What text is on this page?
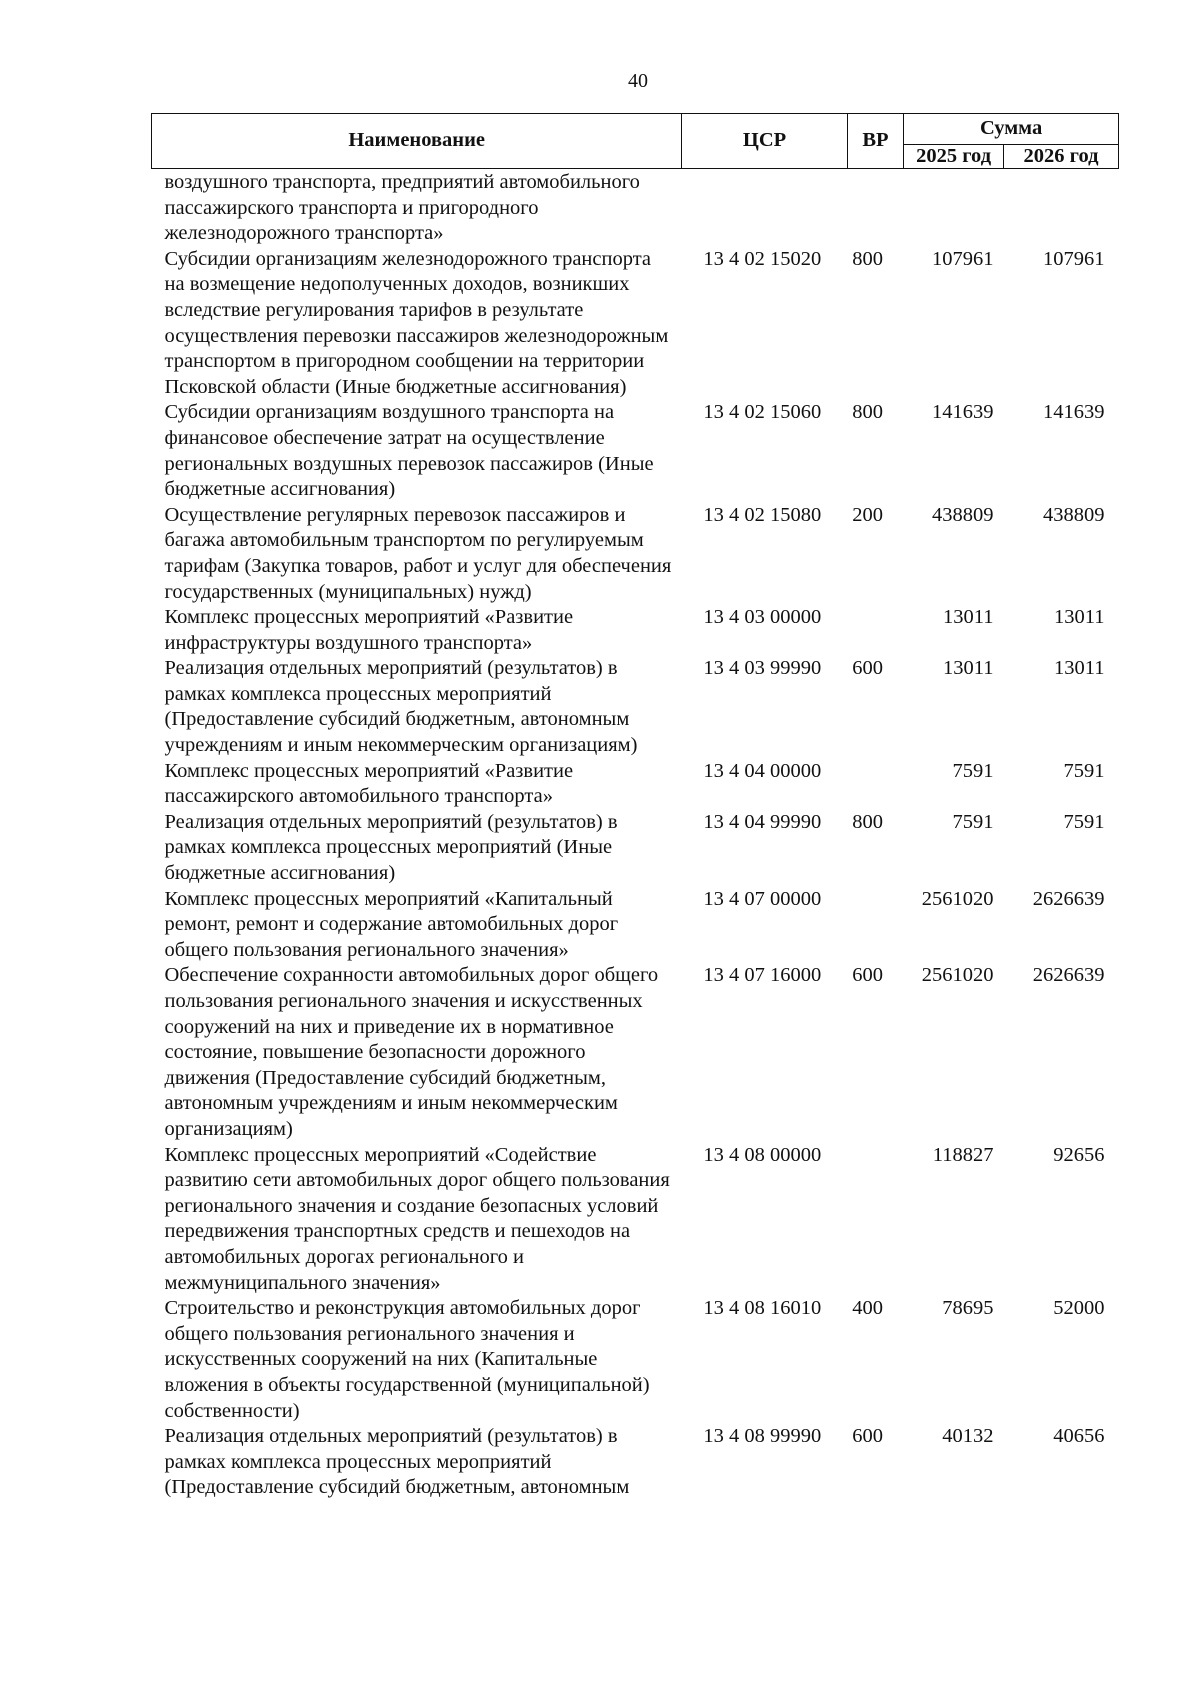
40
Наименование	ЦСР	ВР	Сумма	
			2025 год	2026 год
воздушного транспорта, предприятий автомобильного пассажирского транспорта и пригородного железнодорожного транспорта»				
Субсидии организациям железнодорожного транспорта на возмещение недополученных доходов, возникших вследствие регулирования тарифов в результате осуществления перевозки пассажиров железнодорожным транспортом в пригородном сообщении на территории Псковской области (Иные бюджетные ассигнования)	13 4 02 15020	800	107961	107961
Субсидии организациям воздушного транспорта на финансовое обеспечение затрат на осуществление региональных воздушных перевозок пассажиров (Иные бюджетные ассигнования)	13 4 02 15060	800	141639	141639
Осуществление регулярных перевозок пассажиров и багажа автомобильным транспортом по регулируемым тарифам (Закупка товаров, работ и услуг для обеспечения государственных (муниципальных) нужд)	13 4 02 15080	200	438809	438809
Комплекс процессных мероприятий «Развитие инфраструктуры воздушного транспорта»	13 4 03 00000		13011	13011
Реализация отдельных мероприятий (результатов) в рамках комплекса процессных мероприятий (Предоставление субсидий бюджетным, автономным учреждениям и иным некоммерческим организациям)	13 4 03 99990	600	13011	13011
Комплекс процессных мероприятий «Развитие пассажирского автомобильного транспорта»	13 4 04 00000		7591	7591
Реализация отдельных мероприятий (результатов) в рамках комплекса процессных мероприятий (Иные бюджетные ассигнования)	13 4 04 99990	800	7591	7591
Комплекс процессных мероприятий «Капитальный ремонт, ремонт и содержание автомобильных дорог общего пользования регионального значения»	13 4 07 00000		2561020	2626639
Обеспечение сохранности автомобильных дорог общего пользования регионального значения и искусственных сооружений на них и приведение их в нормативное состояние, повышение безопасности дорожного движения (Предоставление субсидий бюджетным, автономным учреждениям и иным некоммерческим организациям)	13 4 07 16000	600	2561020	2626639
Комплекс процессных мероприятий «Содействие развитию сети автомобильных дорог общего пользования регионального значения и создание безопасных условий передвижения транспортных средств и пешеходов на автомобильных дорогах регионального и межмуниципального значения»	13 4 08 00000		118827	92656
Строительство и реконструкция автомобильных дорог общего пользования регионального значения и искусственных сооружений на них (Капитальные вложения в объекты государственной (муниципальной) собственности)	13 4 08 16010	400	78695	52000
Реализация отдельных мероприятий (результатов) в рамках комплекса процессных мероприятий (Предоставление субсидий бюджетным, автономным	13 4 08 99990	600	40132	40656
